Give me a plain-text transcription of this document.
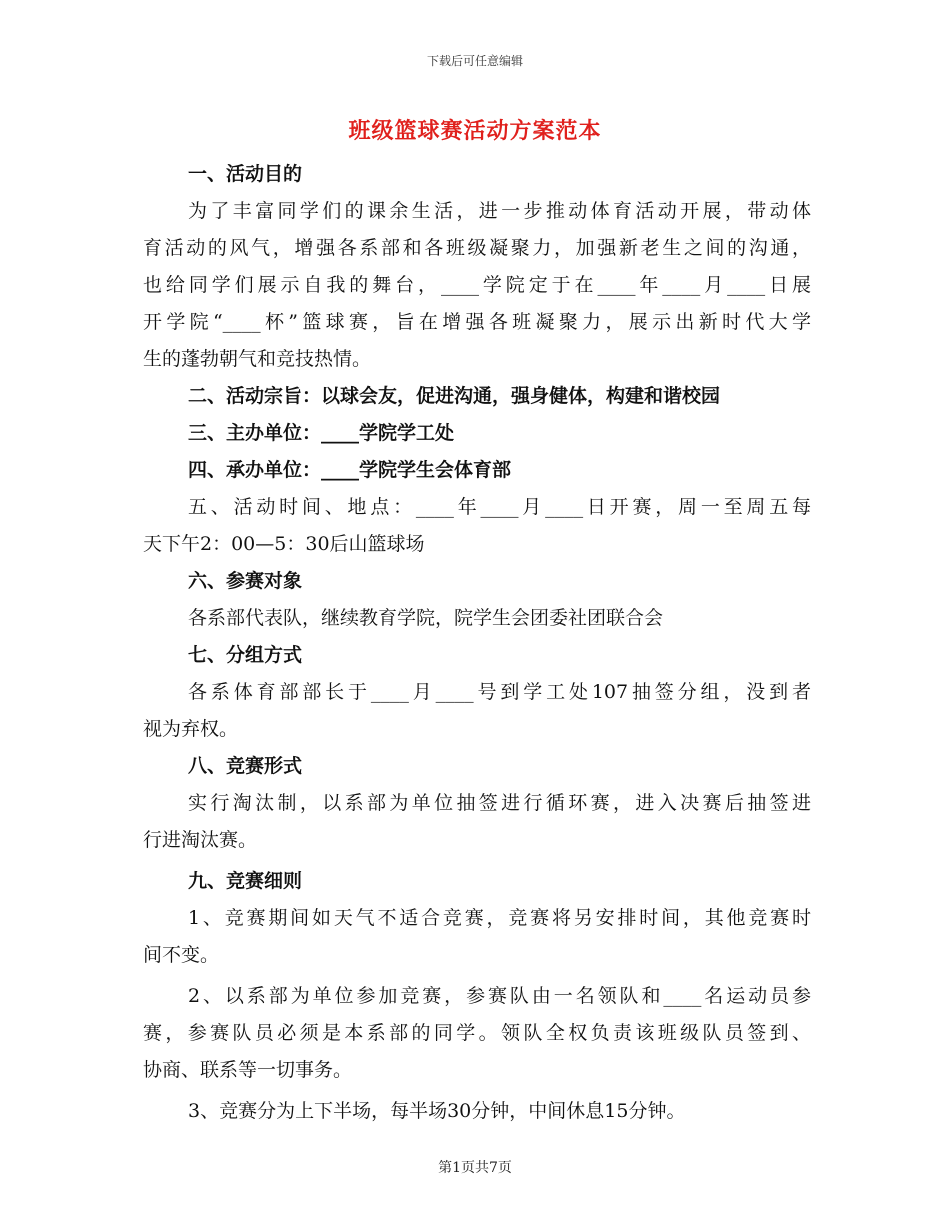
下载后可任意编辑
班级篮球赛活动方案范本
一、活动目的
为了丰富同学们的课余生活，进一步推动体育活动开展，带动体
育活动的风气，增强各系部和各班级凝聚力，加强新老生之间的沟通，
也给同学们展示自我的舞台，____学院定于在____年____月____日展
开学院“____杯”篮球赛，旨在增强各班凝聚力，展示出新时代大学
生的蓬勃朝气和竞技热情。
二、活动宗旨：以球会友，促进沟通，强身健体，构建和谐校园
三、主办单位：____学院学工处
四、承办单位：____学院学生会体育部
五、活动时间、地点：____年____月____日开赛，周一至周五每
天下午2：00—5：30后山篮球场
六、参赛对象
各系部代表队，继续教育学院，院学生会团委社团联合会
七、分组方式
各系体育部部长于____月____号到学工处107抽签分组，没到者
视为弃权。
八、竞赛形式
实行淘汰制，以系部为单位抽签进行循环赛，进入决赛后抽签进
行进淘汰赛。
九、竞赛细则
1、竞赛期间如天气不适合竞赛，竞赛将另安排时间，其他竞赛时
间不变。
2、以系部为单位参加竞赛，参赛队由一名领队和____名运动员参
赛，参赛队员必须是本系部的同学。领队全权负责该班级队员签到、
协商、联系等一切事务。
3、竞赛分为上下半场，每半场30分钟，中间休息15分钟。
第1页共7页
